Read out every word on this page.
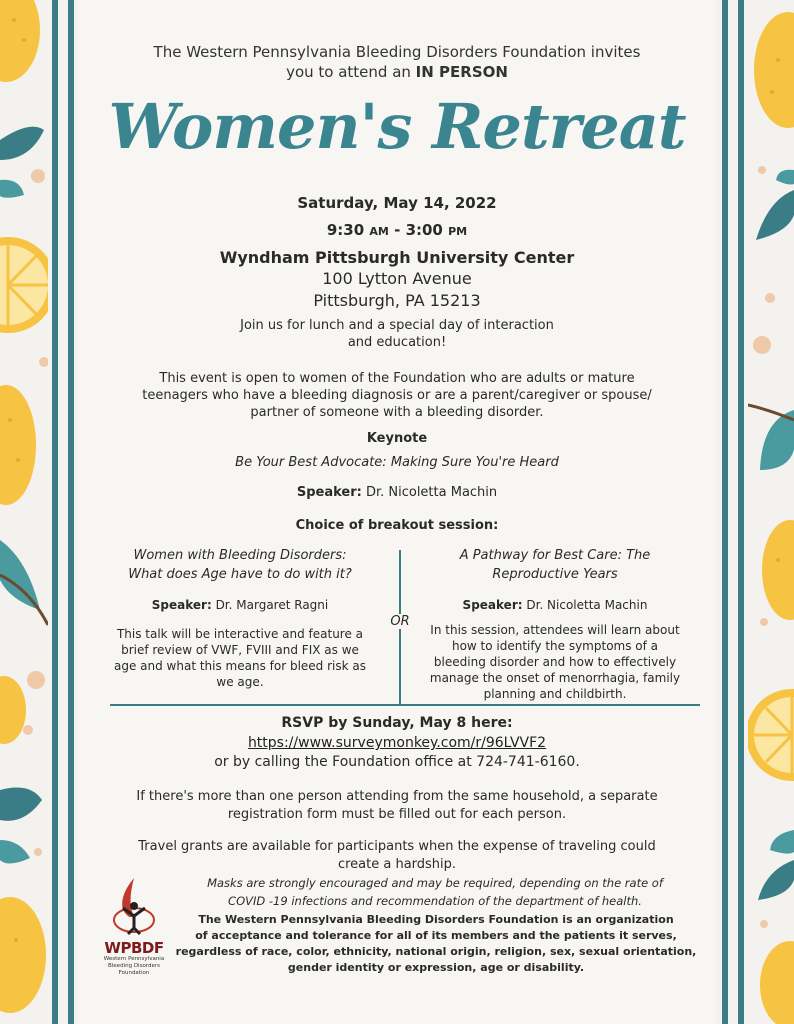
The Western Pennsylvania Bleeding Disorders Foundation invites
you to attend an IN PERSON
Women's Retreat
Saturday, May 14, 2022
9:30 AM - 3:00 PM
Wyndham Pittsburgh University Center
100 Lytton Avenue
Pittsburgh, PA 15213
Join us for lunch and a special day of interaction
and education!
This event is open to women of the Foundation who are adults or mature
teenagers who have a bleeding diagnosis or are a parent/caregiver or spouse/
partner of someone with a bleeding disorder.
Keynote
Be Your Best Advocate: Making Sure You're Heard
Speaker: Dr. Nicoletta Machin
Choice of breakout session:
Women with Bleeding Disorders:
What does Age have to do with it?
Speaker: Dr. Margaret Ragni
This talk will be interactive and feature a
brief review of VWF, FVIII and FIX as we
age and what this means for bleed risk as
we age.
OR
A Pathway for Best Care: The
Reproductive Years
Speaker: Dr. Nicoletta Machin
In this session, attendees will learn about
how to identify the symptoms of a
bleeding disorder and how to effectively
manage the onset of menorrhagia, family
planning and childbirth.
RSVP by Sunday, May 8 here:
https://www.surveymonkey.com/r/96LVVF2
or by calling the Foundation office at 724-741-6160.
If there's more than one person attending from the same household, a separate
registration form must be filled out for each person.
Travel grants are available for participants when the expense of traveling could
create a hardship.
WPBDF
Western Pennsylvania
Bleeding Disorders Foundation
Masks are strongly encouraged and may be required, depending on the rate of
COVID -19 infections and recommendation of the department of health.
The Western Pennsylvania Bleeding Disorders Foundation is an organization
of acceptance and tolerance for all of its members and the patients it serves,
regardless of race, color, ethnicity, national origin, religion, sex, sexual orientation,
gender identity or expression, age or disability.
